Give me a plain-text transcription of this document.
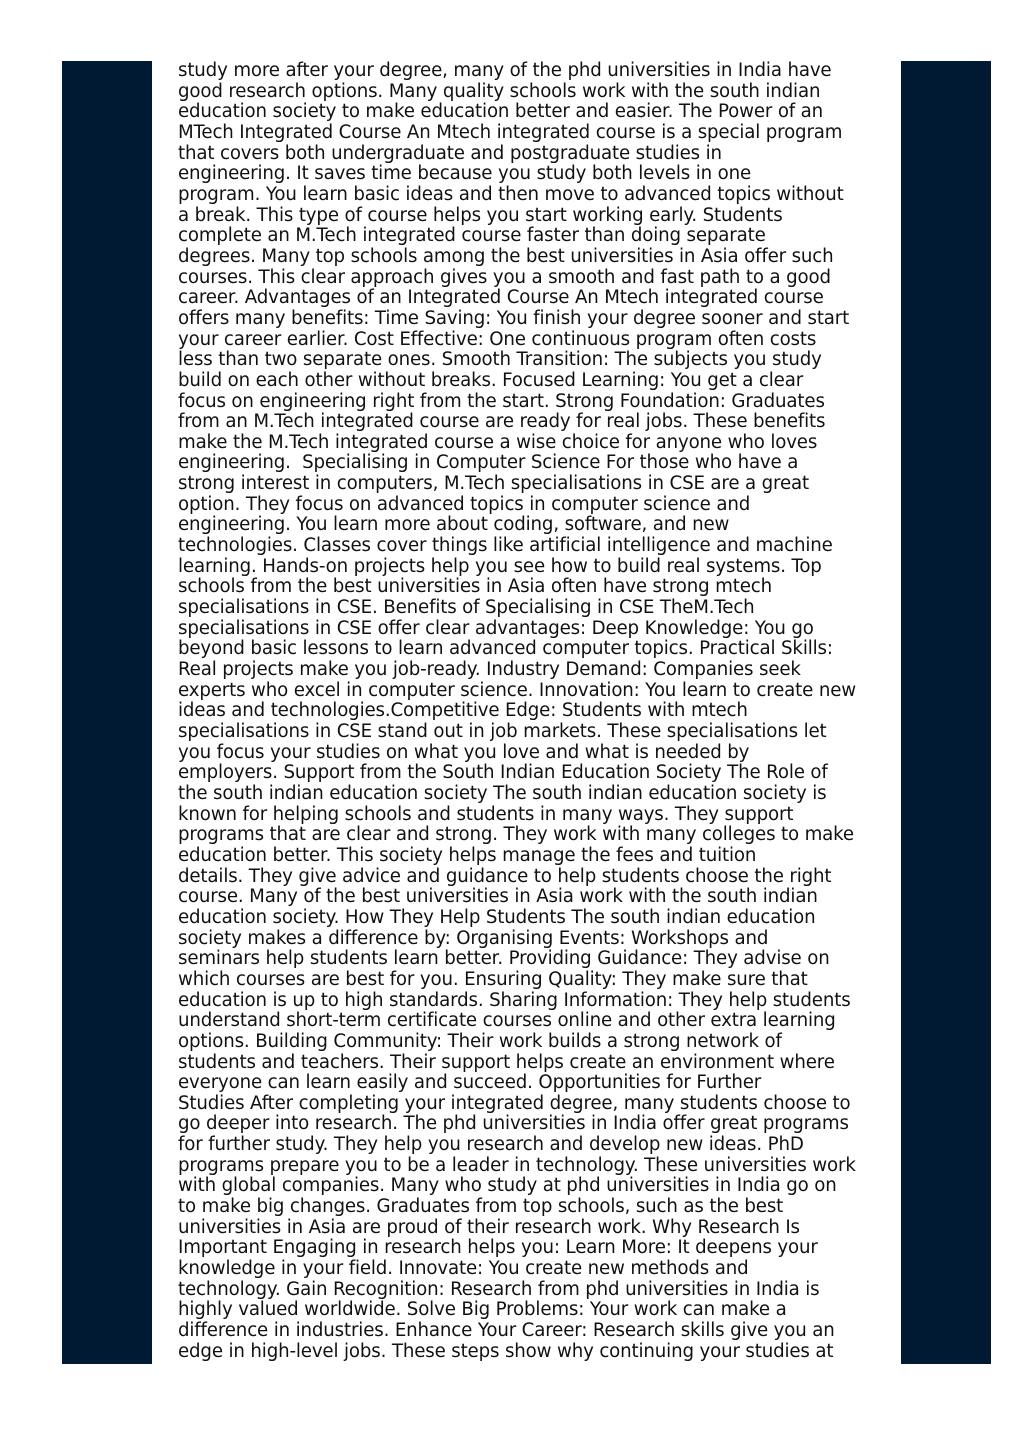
study more after your degree, many of the phd universities in India have
good research options. Many quality schools work with the south indian
education society to make education better and easier. The Power of an
MTech Integrated Course An Mtech integrated course is a special program
that covers both undergraduate and postgraduate studies in
engineering. It saves time because you study both levels in one
program. You learn basic ideas and then move to advanced topics without
a break. This type of course helps you start working early. Students
complete an M.Tech integrated course faster than doing separate
degrees. Many top schools among the best universities in Asia offer such
courses. This clear approach gives you a smooth and fast path to a good
career. Advantages of an Integrated Course An Mtech integrated course
offers many benefits: Time Saving: You finish your degree sooner and start
your career earlier. Cost Effective: One continuous program often costs
less than two separate ones. Smooth Transition: The subjects you study
build on each other without breaks. Focused Learning: You get a clear
focus on engineering right from the start. Strong Foundation: Graduates
from an M.Tech integrated course are ready for real jobs. These benefits
make the M.Tech integrated course a wise choice for anyone who loves
engineering.  Specialising in Computer Science For those who have a
strong interest in computers, M.Tech specialisations in CSE are a great
option. They focus on advanced topics in computer science and
engineering. You learn more about coding, software, and new
technologies. Classes cover things like artificial intelligence and machine
learning. Hands-on projects help you see how to build real systems. Top
schools from the best universities in Asia often have strong mtech
specialisations in CSE. Benefits of Specialising in CSE TheM.Tech
specialisations in CSE offer clear advantages: Deep Knowledge: You go
beyond basic lessons to learn advanced computer topics. Practical Skills:
Real projects make you job-ready. Industry Demand: Companies seek
experts who excel in computer science. Innovation: You learn to create new
ideas and technologies.Competitive Edge: Students with mtech
specialisations in CSE stand out in job markets. These specialisations let
you focus your studies on what you love and what is needed by
employers. Support from the South Indian Education Society The Role of
the south indian education society The south indian education society is
known for helping schools and students in many ways. They support
programs that are clear and strong. They work with many colleges to make
education better. This society helps manage the fees and tuition
details. They give advice and guidance to help students choose the right
course. Many of the best universities in Asia work with the south indian
education society. How They Help Students The south indian education
society makes a difference by: Organising Events: Workshops and
seminars help students learn better. Providing Guidance: They advise on
which courses are best for you. Ensuring Quality: They make sure that
education is up to high standards. Sharing Information: They help students
understand short-term certificate courses online and other extra learning
options. Building Community: Their work builds a strong network of
students and teachers. Their support helps create an environment where
everyone can learn easily and succeed. Opportunities for Further
Studies After completing your integrated degree, many students choose to
go deeper into research. The phd universities in India offer great programs
for further study. They help you research and develop new ideas. PhD
programs prepare you to be a leader in technology. These universities work
with global companies. Many who study at phd universities in India go on
to make big changes. Graduates from top schools, such as the best
universities in Asia are proud of their research work. Why Research Is
Important Engaging in research helps you: Learn More: It deepens your
knowledge in your field. Innovate: You create new methods and
technology. Gain Recognition: Research from phd universities in India is
highly valued worldwide. Solve Big Problems: Your work can make a
difference in industries. Enhance Your Career: Research skills give you an
edge in high-level jobs. These steps show why continuing your studies at
